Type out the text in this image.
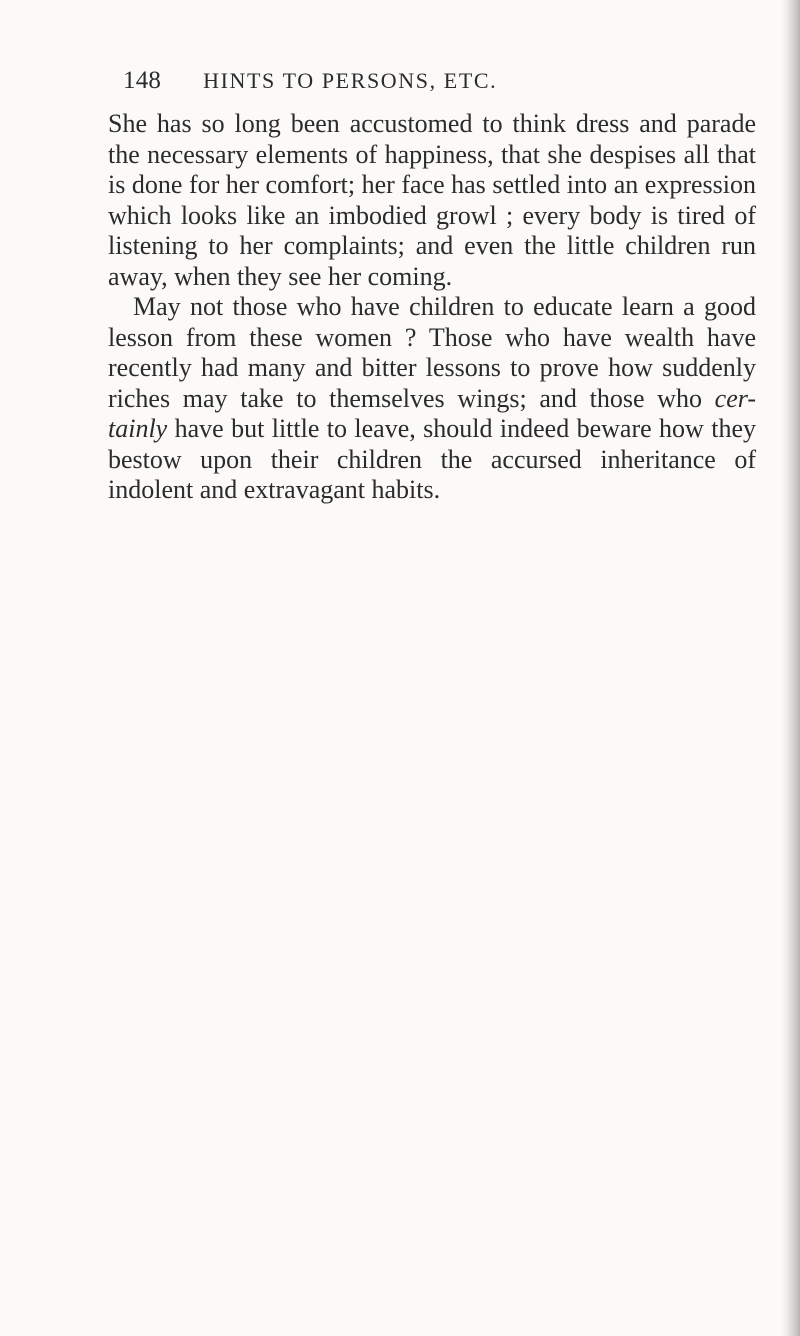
148 HINTS TO PERSONS, ETC.

She has so long been accustomed to think dress and parade the necessary elements of happiness, that she despises all that is done for her comfort; her face has settled into an expression which looks like an imbodied growl ; every body is tired of listening to her complaints; and even the little children run away, when they see her coming.

May not those who have children to educate learn a good lesson from these women ? Those who have wealth have recently had many and bitter lessons to prove how suddenly riches may take to themselves wings; and those who cer- tainly have but little to leave, should indeed beware how they bestow upon their children the accursed inheritance of indolent and extravagant habits.
